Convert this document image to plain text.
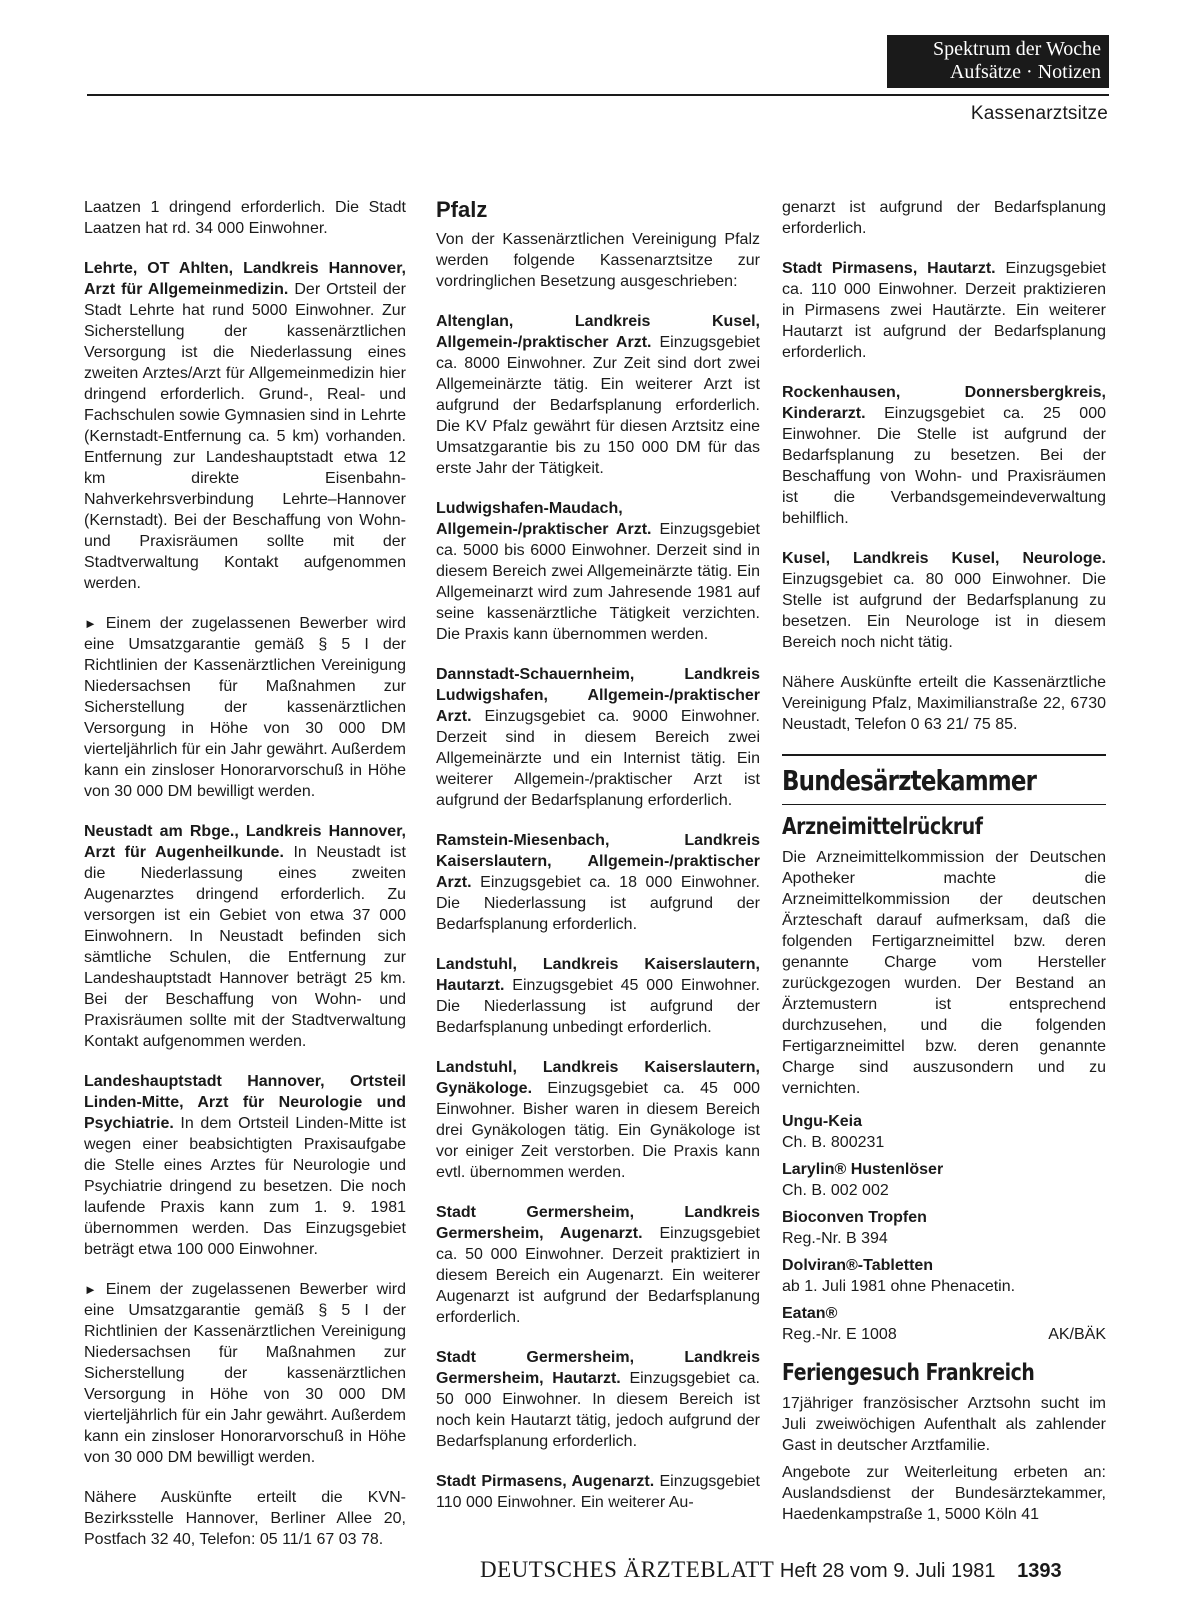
Spektrum der Woche
Aufsätze · Notizen
Kassenarztsitze

Laatzen 1 dringend erforderlich. Die Stadt Laatzen hat rd. 34 000 Einwohner.

Lehrte, OT Ahlten, Landkreis Hannover, Arzt für Allgemeinmedizin. Der Ortsteil der Stadt Lehrte hat rund 5000 Einwohner. Zur Sicherstellung der kassenärztlichen Versorgung ist die Niederlassung eines zweiten Arztes/Arzt für Allgemeinmedizin hier dringend erforderlich. Grund-, Real- und Fachschulen sowie Gymnasien sind in Lehrte (Kernstadt-Entfernung ca. 5 km) vorhanden. Entfernung zur Landeshauptstadt etwa 12 km direkte Eisenbahn-Nahverkehrsverbindung Lehrte–Hannover (Kernstadt). Bei der Beschaffung von Wohn- und Praxisräumen sollte mit der Stadtverwaltung Kontakt aufgenommen werden.

► Einem der zugelassenen Bewerber wird eine Umsatzgarantie gemäß § 5 I der Richtlinien der Kassenärztlichen Vereinigung Niedersachsen für Maßnahmen zur Sicherstellung der kassenärztlichen Versorgung in Höhe von 30 000 DM vierteljährlich für ein Jahr gewährt. Außerdem kann ein zinsloser Honorarvorschuß in Höhe von 30 000 DM bewilligt werden.

Neustadt am Rbge., Landkreis Hannover, Arzt für Augenheilkunde. In Neustadt ist die Niederlassung eines zweiten Augenarztes dringend erforderlich. Zu versorgen ist ein Gebiet von etwa 37 000 Einwohnern. In Neustadt befinden sich sämtliche Schulen, die Entfernung zur Landeshauptstadt Hannover beträgt 25 km. Bei der Beschaffung von Wohn- und Praxisräumen sollte mit der Stadtverwaltung Kontakt aufgenommen werden.

Landeshauptstadt Hannover, Ortsteil Linden-Mitte, Arzt für Neurologie und Psychiatrie. In dem Ortsteil Linden-Mitte ist wegen einer beabsichtigten Praxisaufgabe die Stelle eines Arztes für Neurologie und Psychiatrie dringend zu besetzen. Die noch laufende Praxis kann zum 1. 9. 1981 übernommen werden. Das Einzugsgebiet beträgt etwa 100 000 Einwohner.

► Einem der zugelassenen Bewerber wird eine Umsatzgarantie gemäß § 5 I der Richtlinien der Kassenärztlichen Vereinigung Niedersachsen für Maßnahmen zur Sicherstellung der kassenärztlichen Versorgung in Höhe von 30 000 DM vierteljährlich für ein Jahr gewährt. Außerdem kann ein zinsloser Honorarvorschuß in Höhe von 30 000 DM bewilligt werden.

Nähere Auskünfte erteilt die KVN-Bezirksstelle Hannover, Berliner Allee 20, Postfach 32 40, Telefon: 05 11/1 67 03 78.

Pfalz

Von der Kassenärztlichen Vereinigung Pfalz werden folgende Kassenarztsitze zur vordringlichen Besetzung ausgeschrieben:

Altenglan, Landkreis Kusel, Allgemein-/praktischer Arzt. Einzugsgebiet ca. 8000 Einwohner. Zur Zeit sind dort zwei Allgemeinärzte tätig. Ein weiterer Arzt ist aufgrund der Bedarfsplanung erforderlich. Die KV Pfalz gewährt für diesen Arztsitz eine Umsatzgarantie bis zu 150 000 DM für das erste Jahr der Tätigkeit.

Ludwigshafen-Maudach, Allgemein-/praktischer Arzt. Einzugsgebiet ca. 5000 bis 6000 Einwohner. Derzeit sind in diesem Bereich zwei Allgemeinärzte tätig. Ein Allgemeinarzt wird zum Jahresende 1981 auf seine kassenärztliche Tätigkeit verzichten. Die Praxis kann übernommen werden.

Dannstadt-Schauernheim, Landkreis Ludwigshafen, Allgemein-/praktischer Arzt. Einzugsgebiet ca. 9000 Einwohner. Derzeit sind in diesem Bereich zwei Allgemeinärzte und ein Internist tätig. Ein weiterer Allgemein-/praktischer Arzt ist aufgrund der Bedarfsplanung erforderlich.

Ramstein-Miesenbach, Landkreis Kaiserslautern, Allgemein-/praktischer Arzt. Einzugsgebiet ca. 18 000 Einwohner. Die Niederlassung ist aufgrund der Bedarfsplanung erforderlich.

Landstuhl, Landkreis Kaiserslautern, Hautarzt. Einzugsgebiet 45 000 Einwohner. Die Niederlassung ist aufgrund der Bedarfsplanung unbedingt erforderlich.

Landstuhl, Landkreis Kaiserslautern, Gynäkologe. Einzugsgebiet ca. 45 000 Einwohner. Bisher waren in diesem Bereich drei Gynäkologen tätig. Ein Gynäkologe ist vor einiger Zeit verstorben. Die Praxis kann evtl. übernommen werden.

Stadt Germersheim, Landkreis Germersheim, Augenarzt. Einzugsgebiet ca. 50 000 Einwohner. Derzeit praktiziert in diesem Bereich ein Augenarzt. Ein weiterer Augenarzt ist aufgrund der Bedarfsplanung erforderlich.

Stadt Germersheim, Landkreis Germersheim, Hautarzt. Einzugsgebiet ca. 50 000 Einwohner. In diesem Bereich ist noch kein Hautarzt tätig, jedoch aufgrund der Bedarfsplanung erforderlich.

Stadt Pirmasens, Augenarzt. Einzugsgebiet 110 000 Einwohner. Ein weiterer Au-

genarzt ist aufgrund der Bedarfsplanung erforderlich.

Stadt Pirmasens, Hautarzt. Einzugsgebiet ca. 110 000 Einwohner. Derzeit praktizieren in Pirmasens zwei Hautärzte. Ein weiterer Hautarzt ist aufgrund der Bedarfsplanung erforderlich.

Rockenhausen, Donnersbergkreis, Kinderarzt. Einzugsgebiet ca. 25 000 Einwohner. Die Stelle ist aufgrund der Bedarfsplanung zu besetzen. Bei der Beschaffung von Wohn- und Praxisräumen ist die Verbandsgemeindeverwaltung behilflich.

Kusel, Landkreis Kusel, Neurologe. Einzugsgebiet ca. 80 000 Einwohner. Die Stelle ist aufgrund der Bedarfsplanung zu besetzen. Ein Neurologe ist in diesem Bereich noch nicht tätig.

Nähere Auskünfte erteilt die Kassenärztliche Vereinigung Pfalz, Maximilianstraße 22, 6730 Neustadt, Telefon 0 63 21/ 75 85.

Bundesärztekammer
Arzneimittelrückruf

Die Arzneimittelkommission der Deutschen Apotheker machte die Arzneimittelkommission der deutschen Ärzteschaft darauf aufmerksam, daß die folgenden Fertigarzneimittel bzw. deren genannte Charge vom Hersteller zurückgezogen wurden. Der Bestand an Ärztemustern ist entsprechend durchzusehen, und die folgenden Fertigarzneimittel bzw. deren genannte Charge sind auszusondern und zu vernichten.

Ungu-Keia
Ch. B. 800231
Larylin® Hustenlöser
Ch. B. 002 002
Bioconven Tropfen
Reg.-Nr. B 394
Dolviran®-Tabletten
ab 1. Juli 1981 ohne Phenacetin.
Eatan®
Reg.-Nr. E 1008	AK/BÄK
Feriengesuch Frankreich

17jähriger französischer Arztsohn sucht im Juli zweiwöchigen Aufenthalt als zahlender Gast in deutscher Arztfamilie.

Angebote zur Weiterleitung erbeten an: Auslandsdienst der Bundesärztekammer, Haedenkampstraße 1, 5000 Köln 41

DEUTSCHES ÄRZTEBLATT Heft 28 vom 9. Juli 1981 1393
